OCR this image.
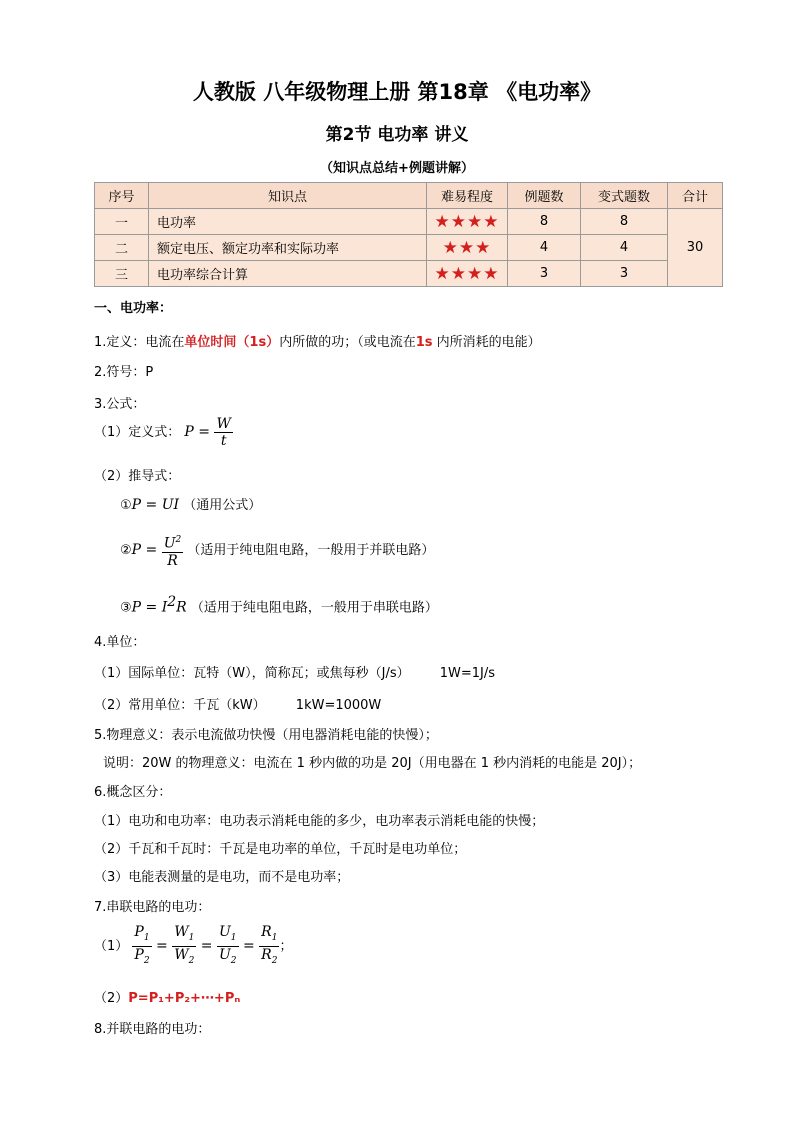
人教版 八年级物理上册 第18章 《电功率》
第2节 电功率 讲义
（知识点总结+例题讲解）
序号	知识点	难易程度	例题数	变式题数	合计
一	电功率	★★★★	8	8	30
二	额定电压、额定功率和实际功率	★★★	4	4	
三	电功率综合计算	★★★★	3	3	
一、电功率：
1.定义：电流在单位时间（1s）内所做的功；（或电流在1s 内所消耗的电能）
2.符号：P
3.公式：
（1）定义式： $P = \frac{W}{t}$
（2）推导式：
①P = UI （通用公式）
②P = $\frac{U^2}{R}$ （适用于纯电阻电路，一般用于并联电路）
③P = $I^2R$ （适用于纯电阻电路，一般用于串联电路）
4.单位：
（1）国际单位：瓦特（W），简称瓦；或焦每秒（J/s） 1W=1J/s
（2）常用单位：千瓦（kW） 1kW=1000W
5.物理意义：表示电流做功快慢（用电器消耗电能的快慢）；
说明：20W 的物理意义：电流在 1 秒内做的功是 20J（用电器在 1 秒内消耗的电能是 20J）；
6.概念区分：
（1）电功和电功率：电功表示消耗电能的多少，电功率表示消耗电能的快慢；
（2）千瓦和千瓦时：千瓦是电功率的单位，千瓦时是电功单位；
（3）电能表测量的是电功，而不是电功率；
7.串联电路的电功：
$(1) \frac{P_1}{P_2} = \frac{W_1}{W_2} = \frac{U_1}{U_2} = \frac{R_1}{R_2}$ ；
（2）P=P₁+P₂+⋯+Pₙ
8.并联电路的电功：
